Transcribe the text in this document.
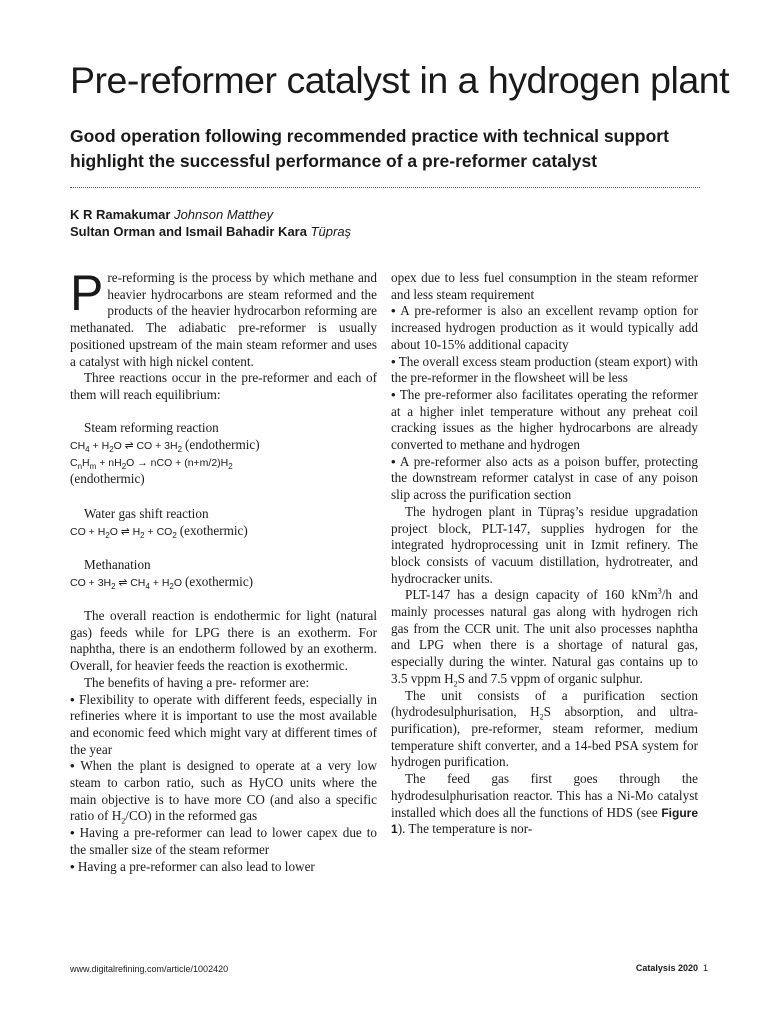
Pre-reformer catalyst in a hydrogen plant
Good operation following recommended practice with technical support
highlight the successful performance of a pre-reformer catalyst
K R Ramakumar Johnson Matthey
Sultan Orman and Ismail Bahadir Kara Tüpraş

Pre-reforming is the process by which methane and heavier hydrocarbons are steam reformed and the products of the heavier hydrocarbon reforming are methanated. The adiabatic pre-reformer is usually positioned upstream of the main steam reformer and uses a catalyst with high nickel content.

Three reactions occur in the pre-reformer and each of them will reach equilibrium:

Steam reforming reaction

$CH_4 + H_2O$ ⇌ CO + $3H_2$ (endothermic)
$C_nH_m + nH_2O$ → nCO + $(n+m/2)H_2$
(endothermic)

Water gas shift reaction

CO + $H_2O$ ⇌ $H_2 + CO_2$ (exothermic)

Methanation

CO + $3H_2$ ⇌ $CH_4 + H_2O$ (exothermic)

The overall reaction is endothermic for light (natural gas) feeds while for LPG there is an exotherm. For naphtha, there is an endotherm followed by an exotherm. Overall, for heavier feeds the reaction is exothermic.

The benefits of having a pre- reformer are:

• Flexibility to operate with different feeds, especially in refineries where it is important to use the most available and economic feed which might vary at different times of the year

• When the plant is designed to operate at a very low steam to carbon ratio, such as HyCO units where the main objective is to have more CO (and also a specific ratio of $H_2/CO$) in the reformed gas

• Having a pre-reformer can lead to lower capex due to the smaller size of the steam reformer

• Having a pre-reformer can also lead to lower

opex due to less fuel consumption in the steam reformer and less steam requirement

• A pre-reformer is also an excellent revamp option for increased hydrogen production as it would typically add about 10-15% additional capacity

• The overall excess steam production (steam export) with the pre-reformer in the flowsheet will be less

• The pre-reformer also facilitates operating the reformer at a higher inlet temperature without any preheat coil cracking issues as the higher hydrocarbons are already converted to methane and hydrogen

• A pre-reformer also acts as a poison buffer, protecting the downstream reformer catalyst in case of any poison slip across the purification section

The hydrogen plant in Tüpraş’s residue upgradation project block, PLT-147, supplies hydrogen for the integrated hydroprocessing unit in Izmit refinery. The block consists of vacuum distillation, hydrotreater, and hydrocracker units.

PLT-147 has a design capacity of 160 kNm$^3$/h and mainly processes natural gas along with hydrogen rich gas from the CCR unit. The unit also processes naphtha and LPG when there is a shortage of natural gas, especially during the winter. Natural gas contains up to 3.5 vppm $H_2S$ and 7.5 vppm of organic sulphur.

The unit consists of a purification section (hydrodesulphurisation, $H_2S$ absorption, and ultra-purification), pre-reformer, steam reformer, medium temperature shift converter, and a 14-bed PSA system for hydrogen purification.

The feed gas first goes through the hydrodesulphurisation reactor. This has a Ni-Mo catalyst installed which does all the functions of HDS (see Figure 1). The temperature is nor-

www.digitalrefining.com/article/1002420	Catalysis 2020 1
